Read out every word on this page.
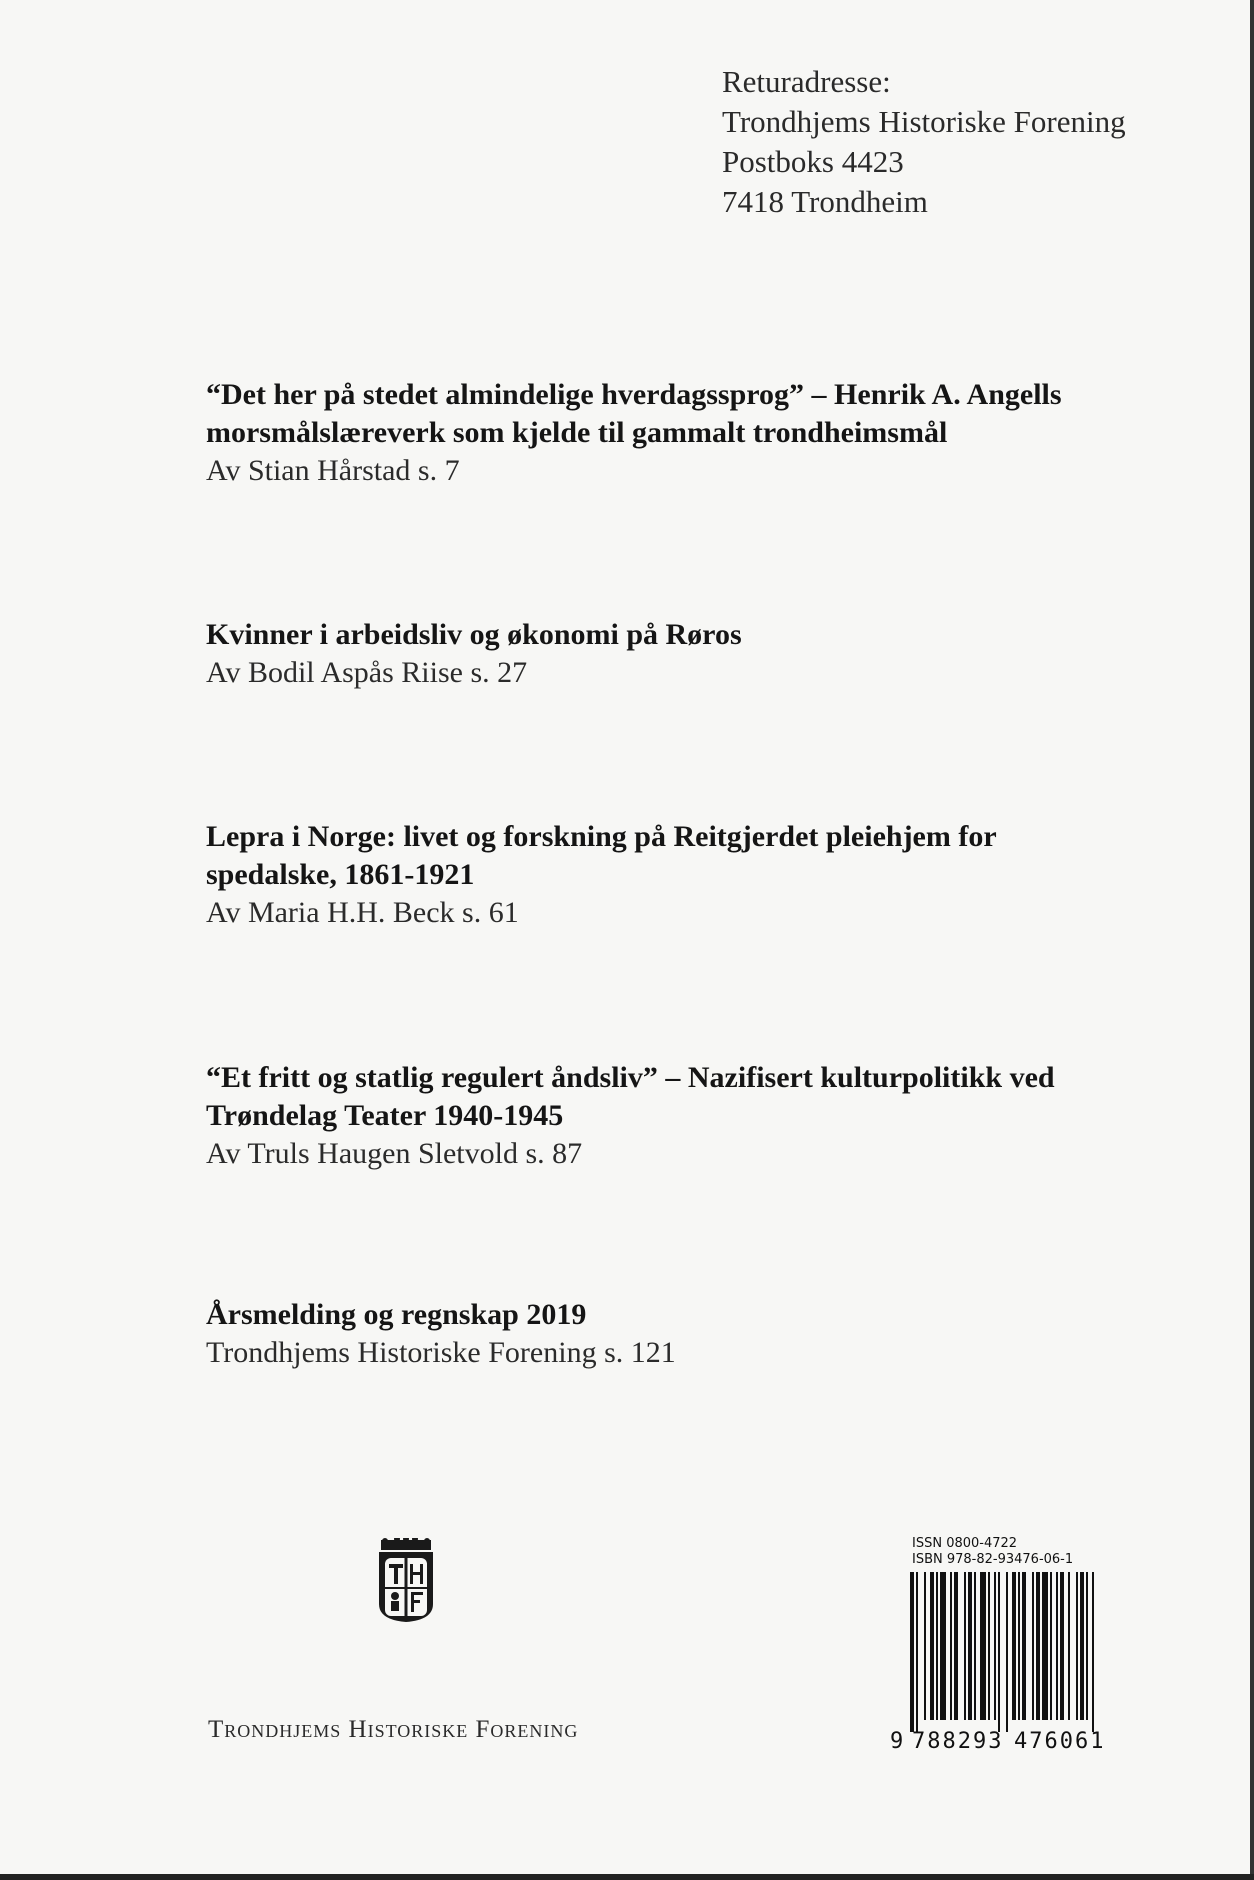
Returadresse:
Trondhjems Historiske Forening
Postboks 4423
7418 Trondheim
“Det her på stedet almindelige hverdagssprog” – Henrik A. Angells
morsmålslæreverk som kjelde til gammalt trondheimsmål
Av Stian Hårstad s. 7
Kvinner i arbeidsliv og økonomi på Røros
Av Bodil Aspås Riise s. 27
Lepra i Norge: livet og forskning på Reitgjerdet pleiehjem for
spedalske, 1861-1921
Av Maria H.H. Beck s. 61
“Et fritt og statlig regulert åndsliv” – Nazifisert kulturpolitikk ved
Trøndelag Teater 1940-1945
Av Truls Haugen Sletvold s. 87
Årsmelding og regnskap 2019
Trondhjems Historiske Forening s. 121
Trondhjems Historiske Forening
ISSN 0800-4722
ISBN 978-82-93476-06-1
9 788293 476061
